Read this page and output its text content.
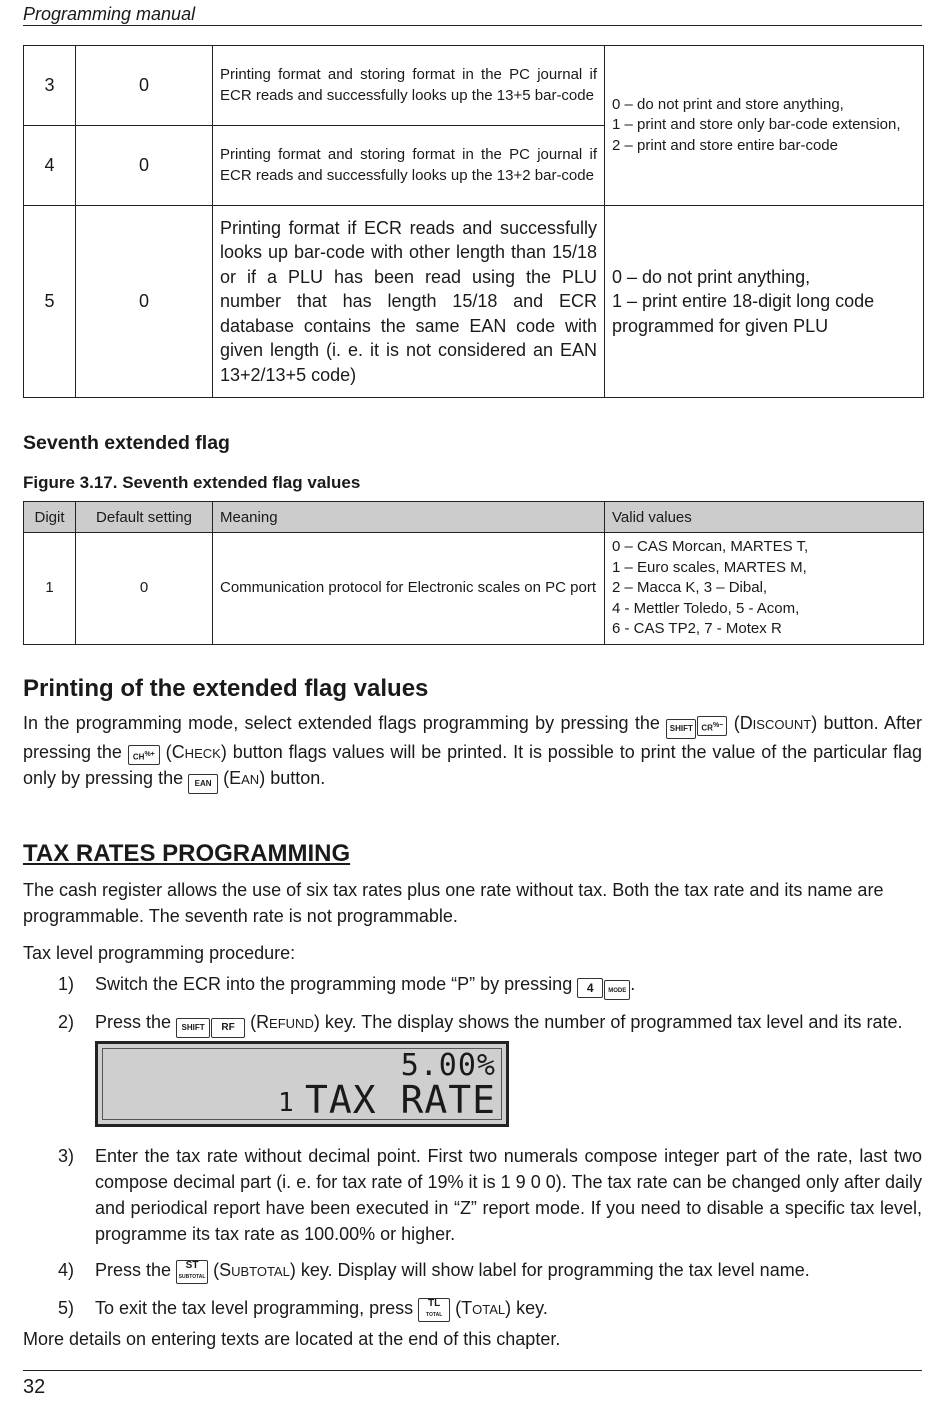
Programming manual
3	0	Printing format and storing format in the PC journal if ECR reads and successfully looks up the 13+5 bar-code	0 – do not print and store anything,
1 – print and store only bar-code extension,
2 – print and store entire bar-code

4	0	Printing format and storing format in the PC journal if ECR reads and successfully looks up the 13+2 bar-code	
5	0	Printing format if ECR reads and successfully looks up bar-code with other length than 15/18 or if a PLU has been read using the PLU number that has length 15/18 and ECR database contains the same EAN code with given length (i. e. it is not considered an EAN 13+2/13+5 code)	0 – do not print anything,
1 – print entire 18-digit long code programmed for given PLU
Seventh extended flag
Figure 3.17. Seventh extended flag values
Digit	Default setting	Meaning	Valid values
1	0	Communication protocol for Electronic scales on PC port	0 – CAS Morcan, MARTES T,
1 – Euro scales, MARTES M,
2 – Macca K, 3 – Dibal,
4 - Mettler Toledo, 5 - Acom,
6 - CAS TP2, 7 - Motex R
Printing of the extended flag values
In the programming mode, select extended flags programming by pressing the SHIFT CR%− (Discount) button. After pressing the CH%+ (Check) button flags values will be printed. It is possible to print the value of the particular flag only by pressing the EAN (Ean) button.
TAX RATES PROGRAMMING
The cash register allows the use of six tax rates plus one rate without tax. Both the tax rate and its name are programmable. The seventh rate is not programmable.
Tax level programming procedure:
1)	Switch the ECR into the programming mode “P” by pressing 4 MODE .
2)	Press the SHIFT RF (Refund) key. The display shows the number of programmed tax level and its rate.
5.00%
1 TAX RATE
3)	Enter the tax rate without decimal point. First two numerals compose integer part of the rate, last two compose decimal part (i. e. for tax rate of 19% it is 1 9 0 0). The tax rate can be changed only after daily and periodical report have been executed in “Z” report mode. If you need to disable a specific tax level, programme its tax rate as 100.00% or higher.
4)	Press the ST
SUBTOTAL (Subtotal) key. Display will show label for programming the tax level name.
5)	To exit the tax level programming, press TL
TOTAL (Total) key.
More details on entering texts are located at the end of this chapter.
32
